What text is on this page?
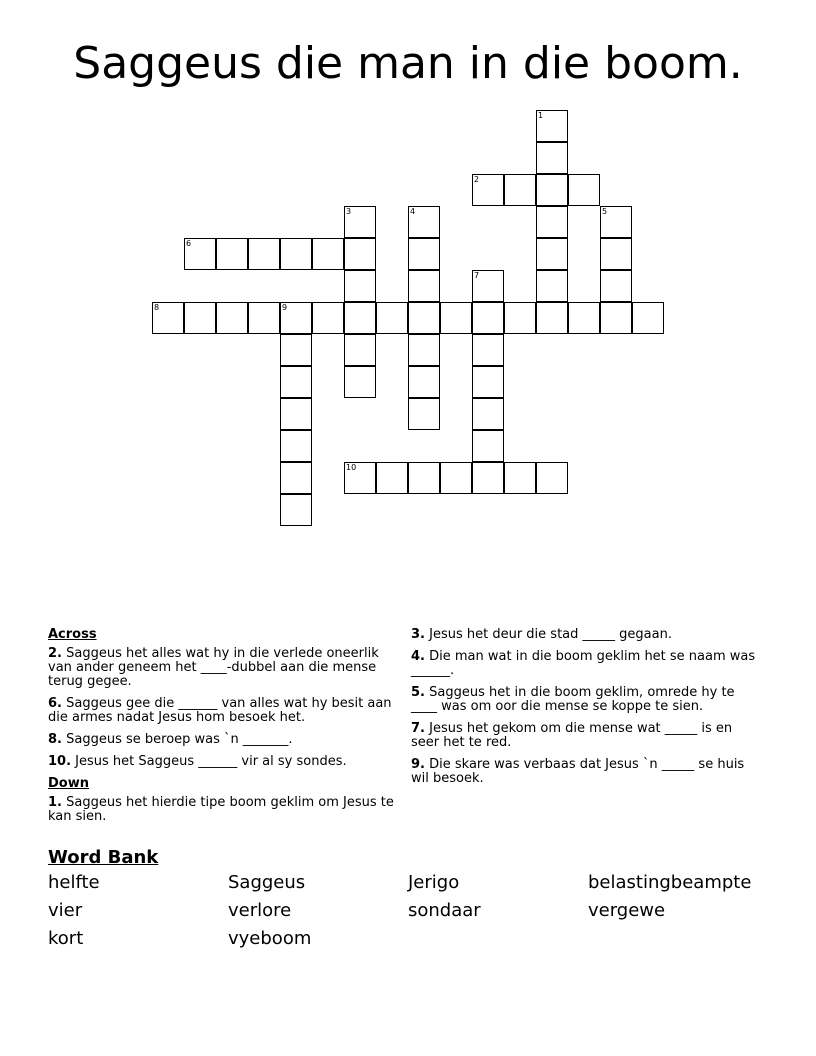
Saggeus die man in die boom.
1
2
3	4	5
6
7
8	9
10
Across
2. Saggeus het alles wat hy in die verlede oneerlik van ander geneem het ____-dubbel aan die mense terug gegee.
6. Saggeus gee die ______ van alles wat hy besit aan die armes nadat Jesus hom besoek het.
8. Saggeus se beroep was `n _______.
10. Jesus het Saggeus ______ vir al sy sondes.
Down
1. Saggeus het hierdie tipe boom geklim om Jesus te kan sien.
3. Jesus het deur die stad _____ gegaan.
4. Die man wat in die boom geklim het se naam was ______.
5. Saggeus het in die boom geklim, omrede hy te ____ was om oor die mense se koppe te sien.
7. Jesus het gekom om die mense wat _____ is en seer het te red.
9. Die skare was verbaas dat Jesus `n _____ se huis wil besoek.
Word Bank
helfte	Saggeus	Jerigo	belastingbeampte
vier	verlore	sondaar	vergewe
kort	vyeboom
